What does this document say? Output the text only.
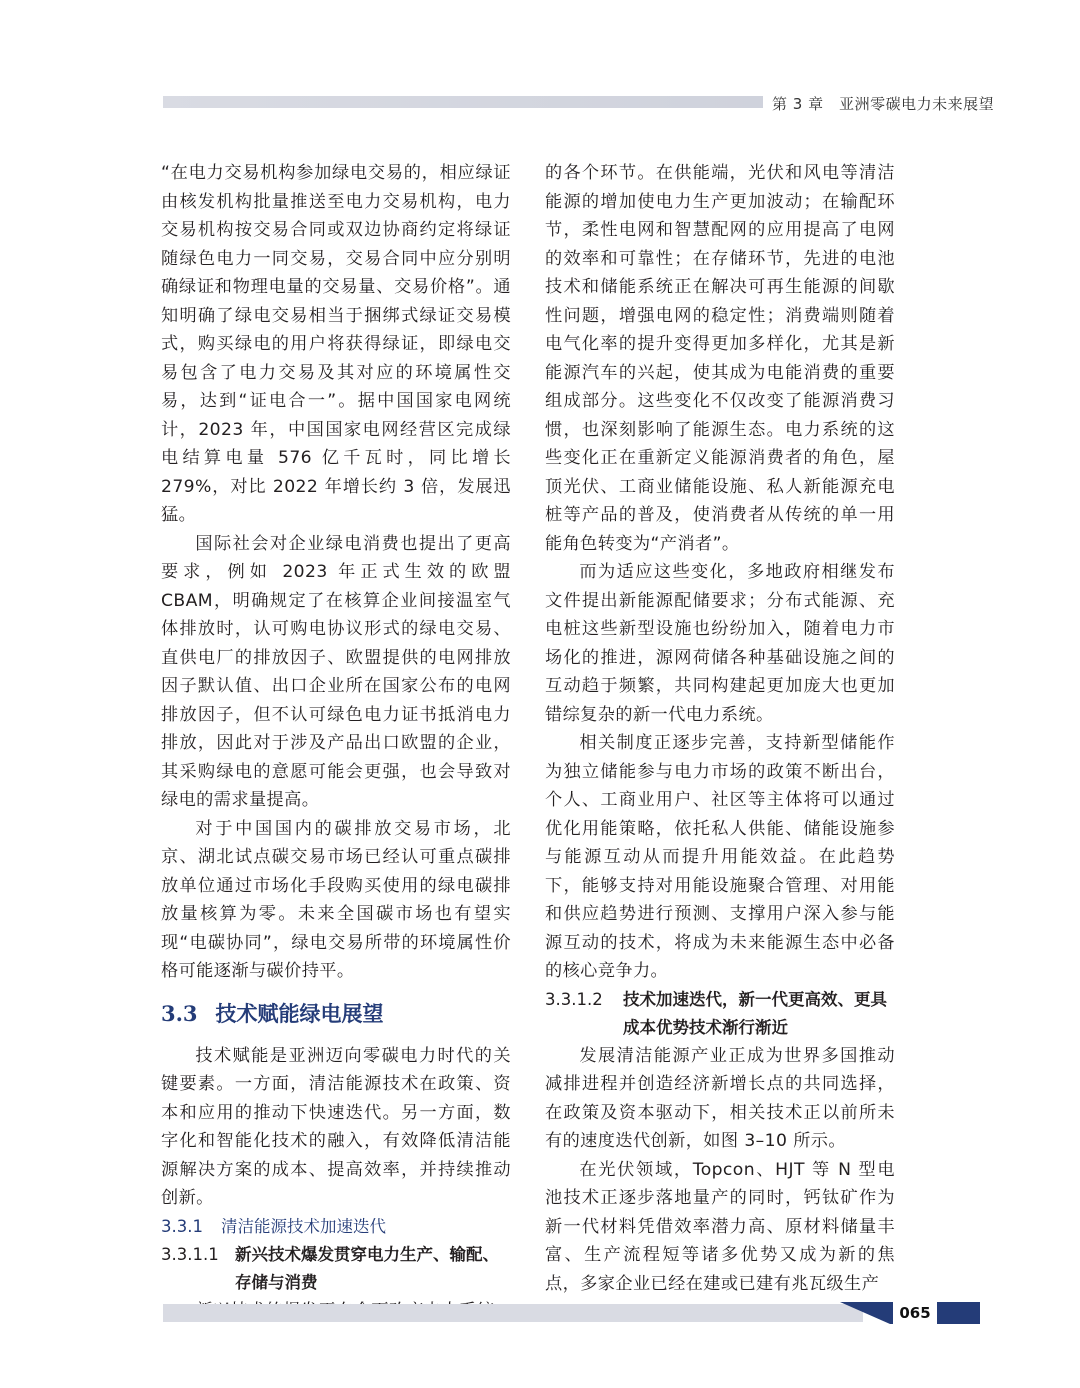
第 3 章　亚洲零碳电力未来展望

“在电力交易机构参加绿电交易的，相应绿证由核发机构批量推送至电力交易机构，电力交易机构按交易合同或双边协商约定将绿证随绿色电力一同交易，交易合同中应分别明确绿证和物理电量的交易量、交易价格”。通知明确了绿电交易相当于捆绑式绿证交易模式，购买绿电的用户将获得绿证，即绿电交易包含了电力交易及其对应的环境属性交易，达到“证电合一”。据中国国家电网统计，2023 年，中国国家电网经营区完成绿电结算电量 576 亿千瓦时，同比增长 279%，对比 2022 年增长约 3 倍，发展迅猛。

国际社会对企业绿电消费也提出了更高要求，例如 2023 年正式生效的欧盟 CBAM，明确规定了在核算企业间接温室气体排放时，认可购电协议形式的绿电交易、直供电厂的排放因子、欧盟提供的电网排放因子默认值、出口企业所在国家公布的电网排放因子，但不认可绿色电力证书抵消电力排放，因此对于涉及产品出口欧盟的企业，其采购绿电的意愿可能会更强，也会导致对绿电的需求量提高。

对于中国国内的碳排放交易市场，北京、湖北试点碳交易市场已经认可重点碳排放单位通过市场化手段购买使用的绿电碳排放量核算为零。未来全国碳市场也有望实现“电碳协同”，绿电交易所带的环境属性价格可能逐渐与碳价持平。

3.3 技术赋能绿电展望

技术赋能是亚洲迈向零碳电力时代的关键要素。一方面，清洁能源技术在政策、资本和应用的推动下快速迭代。另一方面，数字化和智能化技术的融入，有效降低清洁能源解决方案的成本、提高效率，并持续推动创新。

3.3.1 清洁能源技术加速迭代
3.3.1.1 新兴技术爆发贯穿电力生产、输配、存储与消费

的各个环节。在供能端，光伏和风电等清洁能源的增加使电力生产更加波动；在输配环节，柔性电网和智慧配网的应用提高了电网的效率和可靠性；在存储环节，先进的电池技术和储能系统正在解决可再生能源的间歇性问题，增强电网的稳定性；消费端则随着电气化率的提升变得更加多样化，尤其是新能源汽车的兴起，使其成为电能消费的重要组成部分。这些变化不仅改变了能源消费习惯，也深刻影响了能源生态。电力系统的这些变化正在重新定义能源消费者的角色，屋顶光伏、工商业储能设施、私人新能源充电桩等产品的普及，使消费者从传统的单一用能角色转变为“产消者”。

而为适应这些变化，多地政府相继发布文件提出新能源配储要求；分布式能源、充电桩这些新型设施也纷纷加入，随着电力市场化的推进，源网荷储各种基础设施之间的互动趋于频繁，共同构建起更加庞大也更加错综复杂的新一代电力系统。

相关制度正逐步完善，支持新型储能作为独立储能参与电力市场的政策不断出台，个人、工商业用户、社区等主体将可以通过优化用能策略，依托私人供能、储能设施参与能源互动从而提升用能效益。在此趋势下，能够支持对用能设施聚合管理、对用能和供应趋势进行预测、支撑用户深入参与能源互动的技术，将成为未来能源生态中必备的核心竞争力。

3.3.1.2	技术加速迭代，新一代更高效、更具成本优势技术渐行渐近

发展清洁能源产业正成为世界多国推动减排进程并创造经济新增长点的共同选择，在政策及资本驱动下，相关技术正以前所未有的速度迭代创新，如图 3–10 所示。

在光伏领域，Topcon、HJT 等 N 型电池技术正逐步落地量产的同时，钙钛矿作为新一代材料凭借效率潜力高、原材料储量丰富、生产流程短等诸多优势又成为新的焦点，多家企业已经在建或已建有兆瓦级生产

065
